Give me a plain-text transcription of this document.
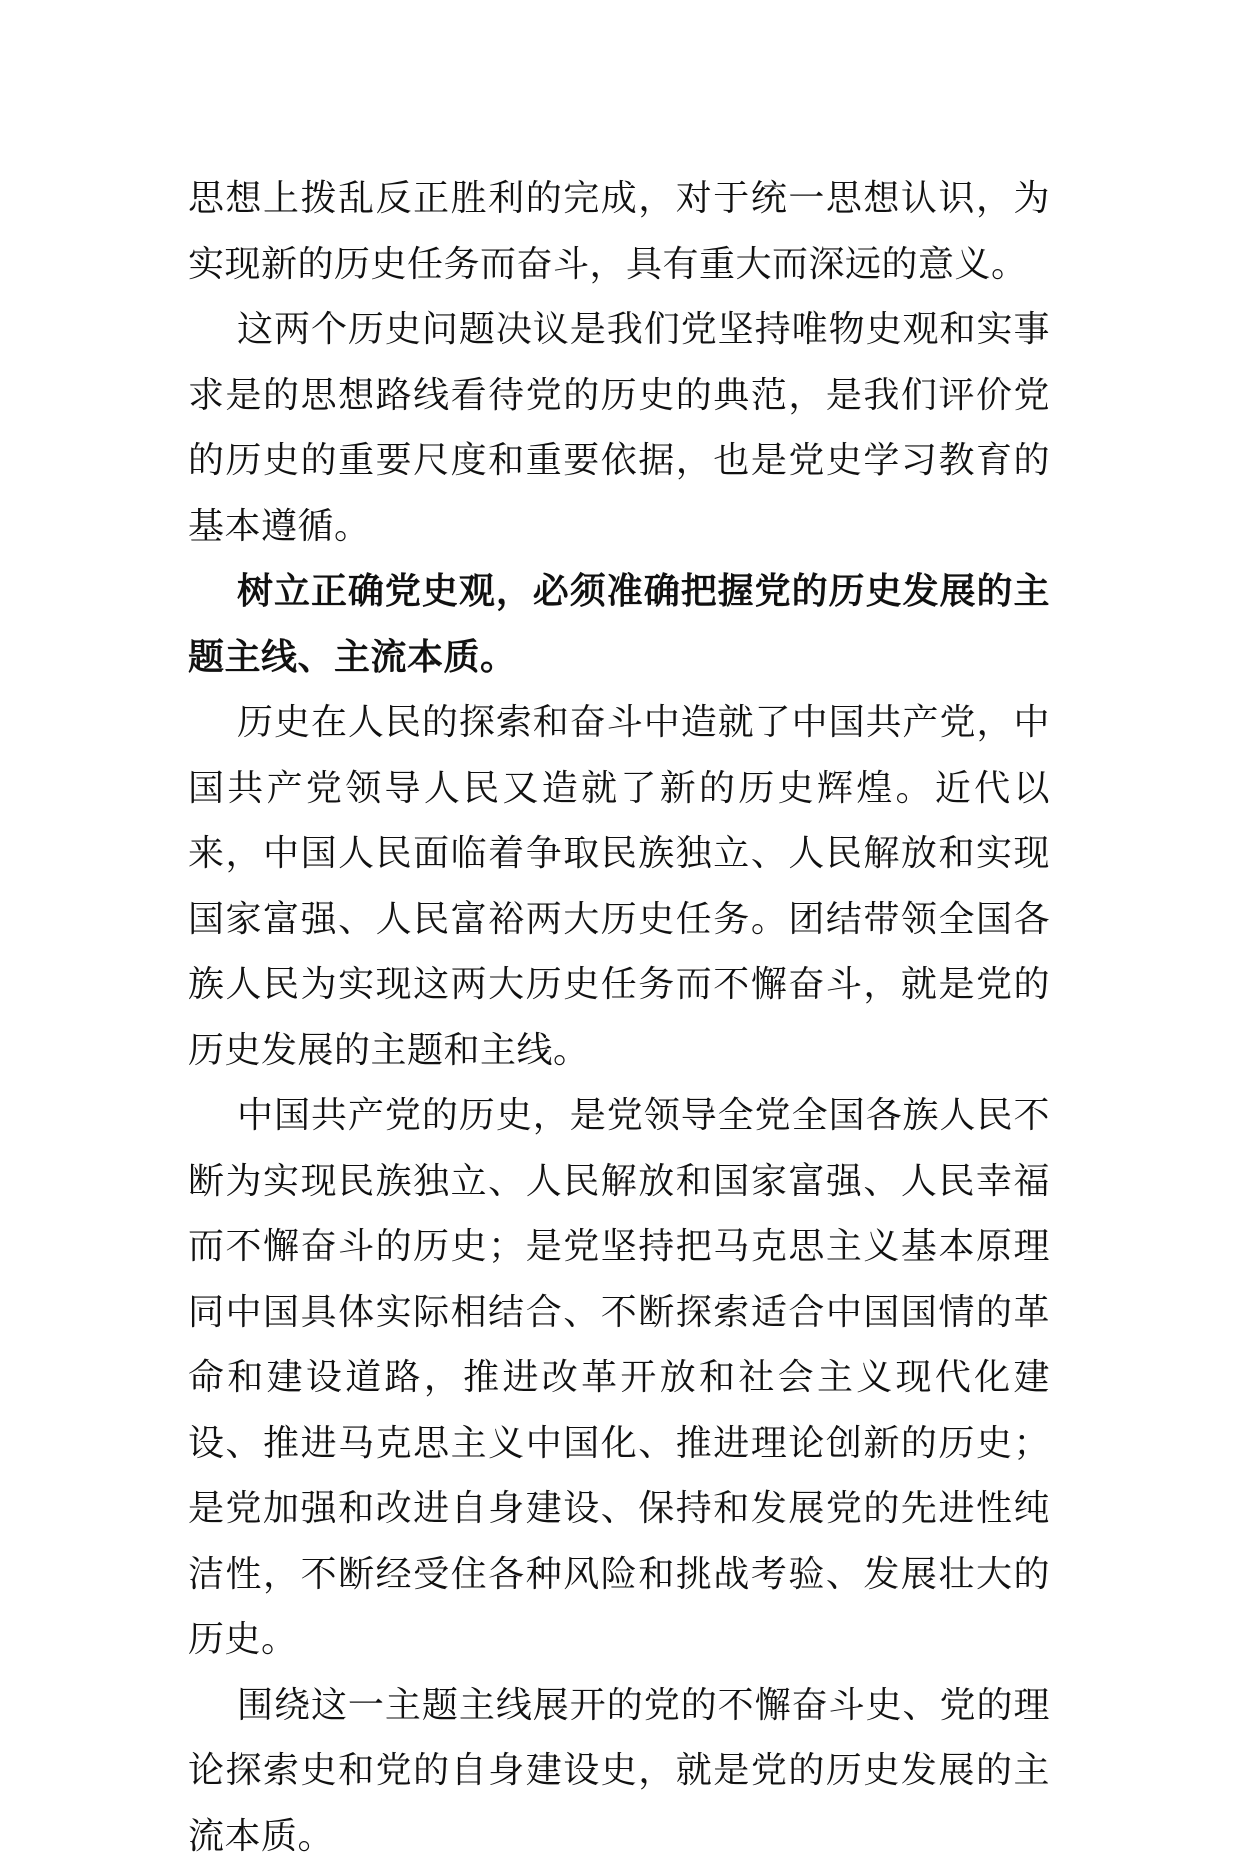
思想上拨乱反正胜利的完成，对于统一思想认识，为实现新的历史任务而奋斗，具有重大而深远的意义。

这两个历史问题决议是我们党坚持唯物史观和实事求是的思想路线看待党的历史的典范，是我们评价党的历史的重要尺度和重要依据，也是党史学习教育的基本遵循。

树立正确党史观，必须准确把握党的历史发展的主题主线、主流本质。

历史在人民的探索和奋斗中造就了中国共产党，中国共产党领导人民又造就了新的历史辉煌。近代以来，中国人民面临着争取民族独立、人民解放和实现国家富强、人民富裕两大历史任务。团结带领全国各族人民为实现这两大历史任务而不懈奋斗，就是党的历史发展的主题和主线。

中国共产党的历史，是党领导全党全国各族人民不断为实现民族独立、人民解放和国家富强、人民幸福而不懈奋斗的历史；是党坚持把马克思主义基本原理同中国具体实际相结合、不断探索适合中国国情的革命和建设道路，推进改革开放和社会主义现代化建设、推进马克思主义中国化、推进理论创新的历史；是党加强和改进自身建设、保持和发展党的先进性纯洁性，不断经受住各种风险和挑战考验、发展壮大的历史。

围绕这一主题主线展开的党的不懈奋斗史、党的理论探索史和党的自身建设史，就是党的历史发展的主流本质。
